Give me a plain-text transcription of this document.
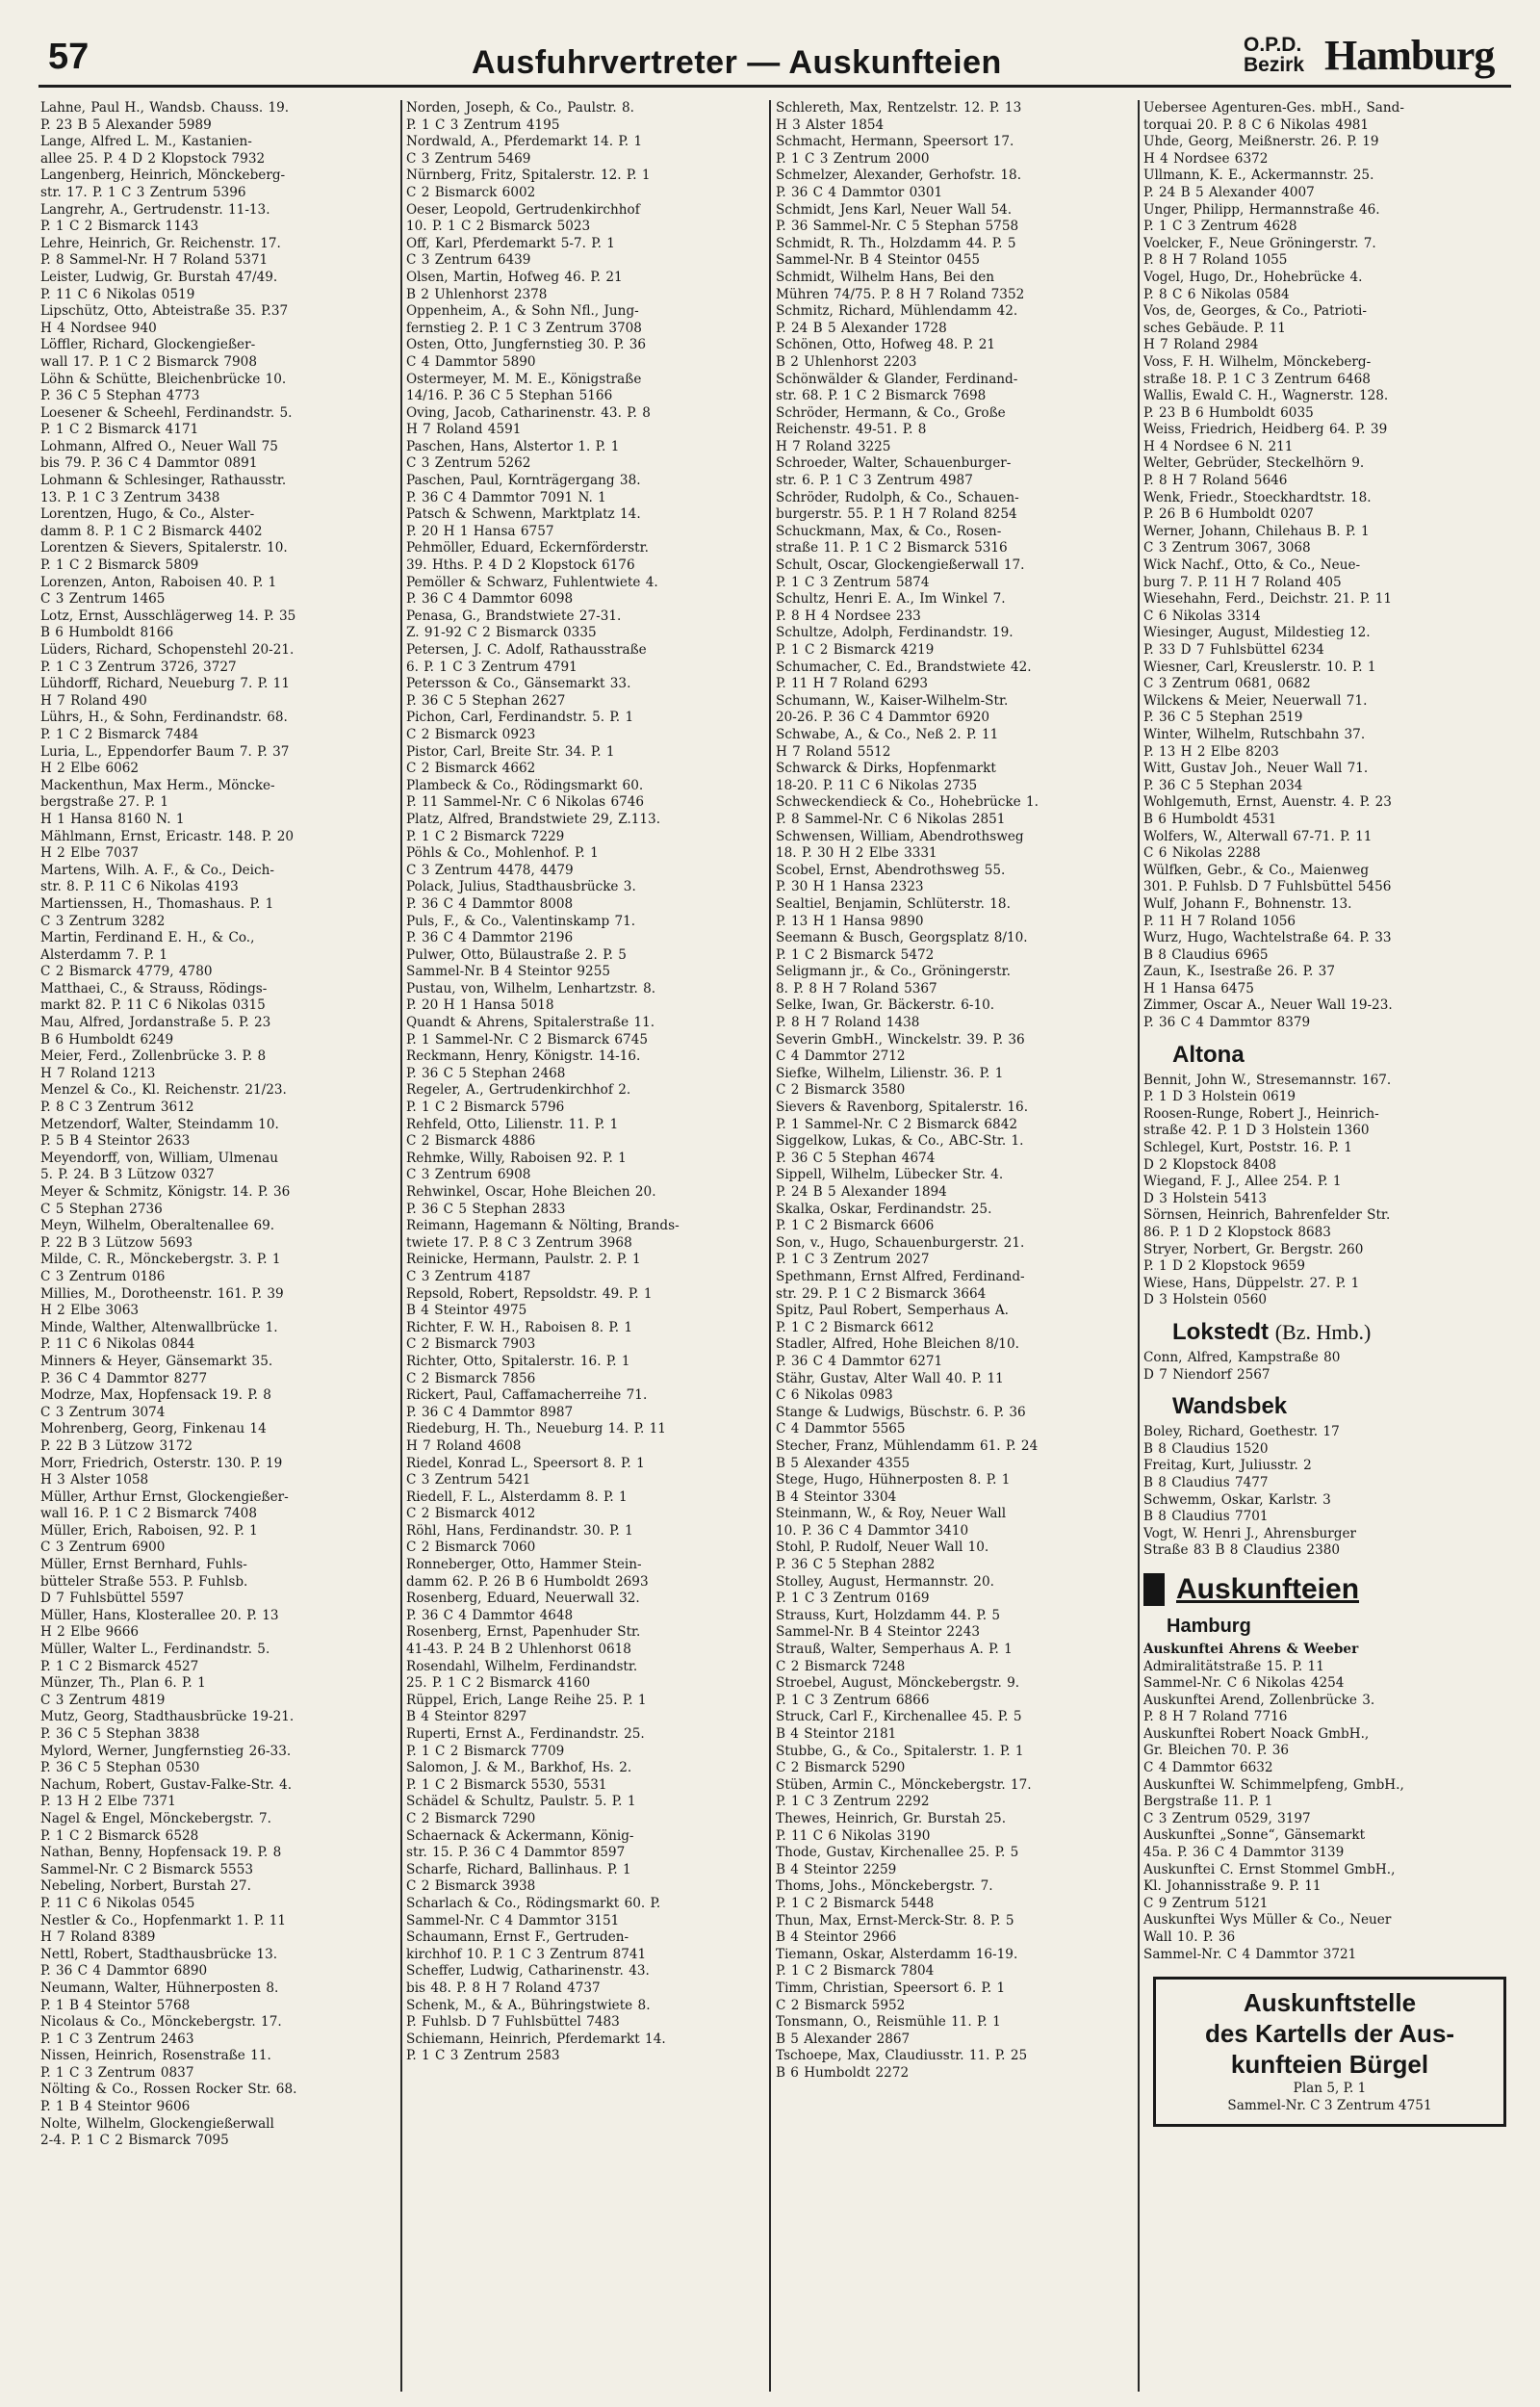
57	Ausfuhrvertreter — Auskunfteien	O.P.D.
Bezirk Hamburg
Lahne, Paul H., Wandsb. Chauss. 19.
P. 23 B 5 Alexander 5989
Lange, Alfred L. M., Kastanien-
allee 25. P. 4 D 2 Klopstock 7932
Langenberg, Heinrich, Mönckeberg-
str. 17. P. 1 C 3 Zentrum 5396
Langrehr, A., Gertrudenstr. 11-13.
P. 1 C 2 Bismarck 1143
Lehre, Heinrich, Gr. Reichenstr. 17.
P. 8 Sammel-Nr. H 7 Roland 5371
Leister, Ludwig, Gr. Burstah 47/49.
P. 11 C 6 Nikolas 0519
Lipschütz, Otto, Abteistraße 35. P.37
H 4 Nordsee 940
Löffler, Richard, Glockengießer-
wall 17. P. 1 C 2 Bismarck 7908
Löhn & Schütte, Bleichenbrücke 10.
P. 36 C 5 Stephan 4773
Loesener & Scheehl, Ferdinandstr. 5.
P. 1 C 2 Bismarck 4171
Lohmann, Alfred O., Neuer Wall 75
bis 79. P. 36 C 4 Dammtor 0891
Lohmann & Schlesinger, Rathausstr.
13. P. 1 C 3 Zentrum 3438
Lorentzen, Hugo, & Co., Alster-
damm 8. P. 1 C 2 Bismarck 4402
Lorentzen & Sievers, Spitalerstr. 10.
P. 1 C 2 Bismarck 5809
Lorenzen, Anton, Raboisen 40. P. 1
C 3 Zentrum 1465
Lotz, Ernst, Ausschlägerweg 14. P. 35
B 6 Humboldt 8166
Lüders, Richard, Schopenstehl 20-21.
P. 1 C 3 Zentrum 3726, 3727
Lühdorff, Richard, Neueburg 7. P. 11
H 7 Roland 490
Lührs, H., & Sohn, Ferdinandstr. 68.
P. 1 C 2 Bismarck 7484
Luria, L., Eppendorfer Baum 7. P. 37
H 2 Elbe 6062
Mackenthun, Max Herm., Möncke-
bergstraße 27. P. 1
H 1 Hansa 8160 N. 1
Mählmann, Ernst, Ericastr. 148. P. 20
H 2 Elbe 7037
Martens, Wilh. A. F., & Co., Deich-
str. 8. P. 11 C 6 Nikolas 4193
Martienssen, H., Thomashaus. P. 1
C 3 Zentrum 3282
Martin, Ferdinand E. H., & Co.,
Alsterdamm 7. P. 1
C 2 Bismarck 4779, 4780
Matthaei, C., & Strauss, Rödings-
markt 82. P. 11 C 6 Nikolas 0315
Mau, Alfred, Jordanstraße 5. P. 23
B 6 Humboldt 6249
Meier, Ferd., Zollenbrücke 3. P. 8
H 7 Roland 1213
Menzel & Co., Kl. Reichenstr. 21/23.
P. 8 C 3 Zentrum 3612
Metzendorf, Walter, Steindamm 10.
P. 5 B 4 Steintor 2633
Meyendorff, von, William, Ulmenau
5. P. 24. B 3 Lützow 0327
Meyer & Schmitz, Königstr. 14. P. 36
C 5 Stephan 2736
Meyn, Wilhelm, Oberaltenallee 69.
P. 22 B 3 Lützow 5693
Milde, C. R., Mönckebergstr. 3. P. 1
C 3 Zentrum 0186
Millies, M., Dorotheenstr. 161. P. 39
H 2 Elbe 3063
Minde, Walther, Altenwallbrücke 1.
P. 11 C 6 Nikolas 0844
Minners & Heyer, Gänsemarkt 35.
P. 36 C 4 Dammtor 8277
Modrze, Max, Hopfensack 19. P. 8
C 3 Zentrum 3074
Mohrenberg, Georg, Finkenau 14
P. 22 B 3 Lützow 3172
Morr, Friedrich, Osterstr. 130. P. 19
H 3 Alster 1058
Müller, Arthur Ernst, Glockengießer-
wall 16. P. 1 C 2 Bismarck 7408
Müller, Erich, Raboisen, 92. P. 1
C 3 Zentrum 6900
Müller, Ernst Bernhard, Fuhls-
bütteler Straße 553. P. Fuhlsb.
D 7 Fuhlsbüttel 5597
Müller, Hans, Klosterallee 20. P. 13
H 2 Elbe 9666
Müller, Walter L., Ferdinandstr. 5.
P. 1 C 2 Bismarck 4527
Münzer, Th., Plan 6. P. 1
C 3 Zentrum 4819
Mutz, Georg, Stadthausbrücke 19-21.
P. 36 C 5 Stephan 3838
Mylord, Werner, Jungfernstieg 26-33.
P. 36 C 5 Stephan 0530
Nachum, Robert, Gustav-Falke-Str. 4.
P. 13 H 2 Elbe 7371
Nagel & Engel, Mönckebergstr. 7.
P. 1 C 2 Bismarck 6528
Nathan, Benny, Hopfensack 19. P. 8
Sammel-Nr. C 2 Bismarck 5553
Nebeling, Norbert, Burstah 27.
P. 11 C 6 Nikolas 0545
Nestler & Co., Hopfenmarkt 1. P. 11
H 7 Roland 8389
Nettl, Robert, Stadthausbrücke 13.
P. 36 C 4 Dammtor 6890
Neumann, Walter, Hühnerposten 8.
P. 1 B 4 Steintor 5768
Nicolaus & Co., Mönckebergstr. 17.
P. 1 C 3 Zentrum 2463
Nissen, Heinrich, Rosenstraße 11.
P. 1 C 3 Zentrum 0837
Nölting & Co., Rossen Rocker Str. 68.
P. 1 B 4 Steintor 9606
Nolte, Wilhelm, Glockengießerwall
2-4. P. 1 C 2 Bismarck 7095
Norden, Joseph, & Co., Paulstr. 8.
P. 1 C 3 Zentrum 4195
Nordwald, A., Pferdemarkt 14. P. 1
C 3 Zentrum 5469
Nürnberg, Fritz, Spitalerstr. 12. P. 1
C 2 Bismarck 6002
Oeser, Leopold, Gertrudenkirchhof
10. P. 1 C 2 Bismarck 5023
Off, Karl, Pferdemarkt 5-7. P. 1
C 3 Zentrum 6439
Olsen, Martin, Hofweg 46. P. 21
B 2 Uhlenhorst 2378
Oppenheim, A., & Sohn Nfl., Jung-
fernstieg 2. P. 1 C 3 Zentrum 3708
Osten, Otto, Jungfernstieg 30. P. 36
C 4 Dammtor 5890
Ostermeyer, M. M. E., Königstraße
14/16. P. 36 C 5 Stephan 5166
Oving, Jacob, Catharinenstr. 43. P. 8
H 7 Roland 4591
Paschen, Hans, Alstertor 1. P. 1
C 3 Zentrum 5262
Paschen, Paul, Kornträgergang 38.
P. 36 C 4 Dammtor 7091 N. 1
Patsch & Schwenn, Marktplatz 14.
P. 20 H 1 Hansa 6757
Pehmöller, Eduard, Eckernförderstr.
39. Hths. P. 4 D 2 Klopstock 6176
Pemöller & Schwarz, Fuhlentwiete 4.
P. 36 C 4 Dammtor 6098
Penasa, G., Brandstwiete 27-31.
Z. 91-92 C 2 Bismarck 0335
Petersen, J. C. Adolf, Rathausstraße
6. P. 1 C 3 Zentrum 4791
Petersson & Co., Gänsemarkt 33.
P. 36 C 5 Stephan 2627
Pichon, Carl, Ferdinandstr. 5. P. 1
C 2 Bismarck 0923
Pistor, Carl, Breite Str. 34. P. 1
C 2 Bismarck 4662
Plambeck & Co., Rödingsmarkt 60.
P. 11 Sammel-Nr. C 6 Nikolas 6746
Platz, Alfred, Brandstwiete 29, Z.113.
P. 1 C 2 Bismarck 7229
Pöhls & Co., Mohlenhof. P. 1
C 3 Zentrum 4478, 4479
Polack, Julius, Stadthausbrücke 3.
P. 36 C 4 Dammtor 8008
Puls, F., & Co., Valentinskamp 71.
P. 36 C 4 Dammtor 2196
Pulwer, Otto, Bülaustraße 2. P. 5
Sammel-Nr. B 4 Steintor 9255
Pustau, von, Wilhelm, Lenhartzstr. 8.
P. 20 H 1 Hansa 5018
Quandt & Ahrens, Spitalerstraße 11.
P. 1 Sammel-Nr. C 2 Bismarck 6745
Reckmann, Henry, Königstr. 14-16.
P. 36 C 5 Stephan 2468
Regeler, A., Gertrudenkirchhof 2.
P. 1 C 2 Bismarck 5796
Rehfeld, Otto, Lilienstr. 11. P. 1
C 2 Bismarck 4886
Rehmke, Willy, Raboisen 92. P. 1
C 3 Zentrum 6908
Rehwinkel, Oscar, Hohe Bleichen 20.
P. 36 C 5 Stephan 2833
Reimann, Hagemann & Nölting, Brands-
twiete 17. P. 8 C 3 Zentrum 3968
Reinicke, Hermann, Paulstr. 2. P. 1
C 3 Zentrum 4187
Repsold, Robert, Repsoldstr. 49. P. 1
B 4 Steintor 4975
Richter, F. W. H., Raboisen 8. P. 1
C 2 Bismarck 7903
Richter, Otto, Spitalerstr. 16. P. 1
C 2 Bismarck 7856
Rickert, Paul, Caffamacherreihe 71.
P. 36 C 4 Dammtor 8987
Riedeburg, H. Th., Neueburg 14. P. 11
H 7 Roland 4608
Riedel, Konrad L., Speersort 8. P. 1
C 3 Zentrum 5421
Riedell, F. L., Alsterdamm 8. P. 1
C 2 Bismarck 4012
Röhl, Hans, Ferdinandstr. 30. P. 1
C 2 Bismarck 7060
Ronneberger, Otto, Hammer Stein-
damm 62. P. 26 B 6 Humboldt 2693
Rosenberg, Eduard, Neuerwall 32.
P. 36 C 4 Dammtor 4648
Rosenberg, Ernst, Papenhuder Str.
41-43. P. 24 B 2 Uhlenhorst 0618
Rosendahl, Wilhelm, Ferdinandstr.
25. P. 1 C 2 Bismarck 4160
Rüppel, Erich, Lange Reihe 25. P. 1
B 4 Steintor 8297
Ruperti, Ernst A., Ferdinandstr. 25.
P. 1 C 2 Bismarck 7709
Salomon, J. & M., Barkhof, Hs. 2.
P. 1 C 2 Bismarck 5530, 5531
Schädel & Schultz, Paulstr. 5. P. 1
C 2 Bismarck 7290
Schaernack & Ackermann, König-
str. 15. P. 36 C 4 Dammtor 8597
Scharfe, Richard, Ballinhaus. P. 1
C 2 Bismarck 3938
Scharlach & Co., Rödingsmarkt 60. P.
Sammel-Nr. C 4 Dammtor 3151
Schaumann, Ernst F., Gertruden-
kirchhof 10. P. 1 C 3 Zentrum 8741
Scheffer, Ludwig, Catharinenstr. 43.
bis 48. P. 8 H 7 Roland 4737
Schenk, M., & A., Bühringstwiete 8.
P. Fuhlsb. D 7 Fuhlsbüttel 7483
Schiemann, Heinrich, Pferdemarkt 14.
P. 1 C 3 Zentrum 2583
Schlereth, Max, Rentzelstr. 12. P. 13
H 3 Alster 1854
Schmacht, Hermann, Speersort 17.
P. 1 C 3 Zentrum 2000
Schmelzer, Alexander, Gerhofstr. 18.
P. 36 C 4 Dammtor 0301
Schmidt, Jens Karl, Neuer Wall 54.
P. 36 Sammel-Nr. C 5 Stephan 5758
Schmidt, R. Th., Holzdamm 44. P. 5
Sammel-Nr. B 4 Steintor 0455
Schmidt, Wilhelm Hans, Bei den
Mühren 74/75. P. 8 H 7 Roland 7352
Schmitz, Richard, Mühlendamm 42.
P. 24 B 5 Alexander 1728
Schönen, Otto, Hofweg 48. P. 21
B 2 Uhlenhorst 2203
Schönwälder & Glander, Ferdinand-
str. 68. P. 1 C 2 Bismarck 7698
Schröder, Hermann, & Co., Große
Reichenstr. 49-51. P. 8
H 7 Roland 3225
Schroeder, Walter, Schauenburger-
str. 6. P. 1 C 3 Zentrum 4987
Schröder, Rudolph, & Co., Schauen-
burgerstr. 55. P. 1 H 7 Roland 8254
Schuckmann, Max, & Co., Rosen-
straße 11. P. 1 C 2 Bismarck 5316
Schult, Oscar, Glockengießerwall 17.
P. 1 C 3 Zentrum 5874
Schultz, Henri E. A., Im Winkel 7.
P. 8 H 4 Nordsee 233
Schultze, Adolph, Ferdinandstr. 19.
P. 1 C 2 Bismarck 4219
Schumacher, C. Ed., Brandstwiete 42.
P. 11 H 7 Roland 6293
Schumann, W., Kaiser-Wilhelm-Str.
20-26. P. 36 C 4 Dammtor 6920
Schwabe, A., & Co., Neß 2. P. 11
H 7 Roland 5512
Schwarck & Dirks, Hopfenmarkt
18-20. P. 11 C 6 Nikolas 2735
Schweckendieck & Co., Hohebrücke 1.
P. 8 Sammel-Nr. C 6 Nikolas 2851
Schwensen, William, Abendrothsweg
18. P. 30 H 2 Elbe 3331
Scobel, Ernst, Abendrothsweg 55.
P. 30 H 1 Hansa 2323
Sealtiel, Benjamin, Schlüterstr. 18.
P. 13 H 1 Hansa 9890
Seemann & Busch, Georgsplatz 8/10.
P. 1 C 2 Bismarck 5472
Seligmann jr., & Co., Gröningerstr.
8. P. 8 H 7 Roland 5367
Selke, Iwan, Gr. Bäckerstr. 6-10.
P. 8 H 7 Roland 1438
Severin GmbH., Winckelstr. 39. P. 36
C 4 Dammtor 2712
Siefke, Wilhelm, Lilienstr. 36. P. 1
C 2 Bismarck 3580
Sievers & Ravenborg, Spitalerstr. 16.
P. 1 Sammel-Nr. C 2 Bismarck 6842
Siggelkow, Lukas, & Co., ABC-Str. 1.
P. 36 C 5 Stephan 4674
Sippell, Wilhelm, Lübecker Str. 4.
P. 24 B 5 Alexander 1894
Skalka, Oskar, Ferdinandstr. 25.
P. 1 C 2 Bismarck 6606
Son, v., Hugo, Schauenburgerstr. 21.
P. 1 C 3 Zentrum 2027
Spethmann, Ernst Alfred, Ferdinand-
str. 29. P. 1 C 2 Bismarck 3664
Spitz, Paul Robert, Semperhaus A.
P. 1 C 2 Bismarck 6612
Stadler, Alfred, Hohe Bleichen 8/10.
P. 36 C 4 Dammtor 6271
Stähr, Gustav, Alter Wall 40. P. 11
C 6 Nikolas 0983
Stange & Ludwigs, Büschstr. 6. P. 36
C 4 Dammtor 5565
Stecher, Franz, Mühlendamm 61. P. 24
B 5 Alexander 4355
Stege, Hugo, Hühnerposten 8. P. 1
B 4 Steintor 3304
Steinmann, W., & Roy, Neuer Wall
10. P. 36 C 4 Dammtor 3410
Stohl, P. Rudolf, Neuer Wall 10.
P. 36 C 5 Stephan 2882
Stolley, August, Hermannstr. 20.
P. 1 C 3 Zentrum 0169
Strauss, Kurt, Holzdamm 44. P. 5
Sammel-Nr. B 4 Steintor 2243
Strauß, Walter, Semperhaus A. P. 1
C 2 Bismarck 7248
Stroebel, August, Mönckebergstr. 9.
P. 1 C 3 Zentrum 6866
Struck, Carl F., Kirchenallee 45. P. 5
B 4 Steintor 2181
Stubbe, G., & Co., Spitalerstr. 1. P. 1
C 2 Bismarck 5290
Stüben, Armin C., Mönckebergstr. 17.
P. 1 C 3 Zentrum 2292
Thewes, Heinrich, Gr. Burstah 25.
P. 11 C 6 Nikolas 3190
Thode, Gustav, Kirchenallee 25. P. 5
B 4 Steintor 2259
Thoms, Johs., Mönckebergstr. 7.
P. 1 C 2 Bismarck 5448
Thun, Max, Ernst-Merck-Str. 8. P. 5
B 4 Steintor 2966
Tiemann, Oskar, Alsterdamm 16-19.
P. 1 C 2 Bismarck 7804
Timm, Christian, Speersort 6. P. 1
C 2 Bismarck 5952
Tonsmann, O., Reismühle 11. P. 1
B 5 Alexander 2867
Tschoepe, Max, Claudiusstr. 11. P. 25
B 6 Humboldt 2272
Uebersee Agenturen-Ges. mbH., Sand-
torquai 20. P. 8 C 6 Nikolas 4981
Uhde, Georg, Meißnerstr. 26. P. 19
H 4 Nordsee 6372
Ullmann, K. E., Ackermannstr. 25.
P. 24 B 5 Alexander 4007
Unger, Philipp, Hermannstraße 46.
P. 1 C 3 Zentrum 4628
Voelcker, F., Neue Gröningerstr. 7.
P. 8 H 7 Roland 1055
Vogel, Hugo, Dr., Hohebrücke 4.
P. 8 C 6 Nikolas 0584
Vos, de, Georges, & Co., Patrioti-
sches Gebäude. P. 11
H 7 Roland 2984
Voss, F. H. Wilhelm, Mönckeberg-
straße 18. P. 1 C 3 Zentrum 6468
Wallis, Ewald C. H., Wagnerstr. 128.
P. 23 B 6 Humboldt 6035
Weiss, Friedrich, Heidberg 64. P. 39
H 4 Nordsee 6 N. 211
Welter, Gebrüder, Steckelhörn 9.
P. 8 H 7 Roland 5646
Wenk, Friedr., Stoeckhardtstr. 18.
P. 26 B 6 Humboldt 0207
Werner, Johann, Chilehaus B. P. 1
C 3 Zentrum 3067, 3068
Wick Nachf., Otto, & Co., Neue-
burg 7. P. 11 H 7 Roland 405
Wiesehahn, Ferd., Deichstr. 21. P. 11
C 6 Nikolas 3314
Wiesinger, August, Mildestieg 12.
P. 33 D 7 Fuhlsbüttel 6234
Wiesner, Carl, Kreuslerstr. 10. P. 1
C 3 Zentrum 0681, 0682
Wilckens & Meier, Neuerwall 71.
P. 36 C 5 Stephan 2519
Winter, Wilhelm, Rutschbahn 37.
P. 13 H 2 Elbe 8203
Witt, Gustav Joh., Neuer Wall 71.
P. 36 C 5 Stephan 2034
Wohlgemuth, Ernst, Auenstr. 4. P. 23
B 6 Humboldt 4531
Wolfers, W., Alterwall 67-71. P. 11
C 6 Nikolas 2288
Wülfken, Gebr., & Co., Maienweg
301. P. Fuhlsb. D 7 Fuhlsbüttel 5456
Wulf, Johann F., Bohnenstr. 13.
P. 11 H 7 Roland 1056
Wurz, Hugo, Wachtelstraße 64. P. 33
B 8 Claudius 6965
Zaun, K., Isestraße 26. P. 37
H 1 Hansa 6475
Zimmer, Oscar A., Neuer Wall 19-23.
P. 36 C 4 Dammtor 8379
Altona
Bennit, John W., Stresemannstr. 167.
P. 1 D 3 Holstein 0619
Roosen-Runge, Robert J., Heinrich-
straße 42. P. 1 D 3 Holstein 1360
Schlegel, Kurt, Poststr. 16. P. 1
D 2 Klopstock 8408
Wiegand, F. J., Allee 254. P. 1
D 3 Holstein 5413
Sörnsen, Heinrich, Bahrenfelder Str.
86. P. 1 D 2 Klopstock 8683
Stryer, Norbert, Gr. Bergstr. 260
P. 1 D 2 Klopstock 9659
Wiese, Hans, Düppelstr. 27. P. 1
D 3 Holstein 0560
Lokstedt (Bz. Hmb.)
Conn, Alfred, Kampstraße 80
D 7 Niendorf 2567
Wandsbek
Boley, Richard, Goethestr. 17
B 8 Claudius 1520
Freitag, Kurt, Juliusstr. 2
B 8 Claudius 7477
Schwemm, Oskar, Karlstr. 3
B 8 Claudius 7701
Vogt, W. Henri J., Ahrensburger
Straße 83 B 8 Claudius 2380
Auskunfteien
Hamburg
Auskunftei Ahrens & Weeber
Admiralitätstraße 15. P. 11
Sammel-Nr. C 6 Nikolas 4254
Auskunftei Arend, Zollenbrücke 3.
P. 8 H 7 Roland 7716
Auskunftei Robert Noack GmbH.,
Gr. Bleichen 70. P. 36
C 4 Dammtor 6632
Auskunftei W. Schimmelpfeng, GmbH.,
Bergstraße 11. P. 1
C 3 Zentrum 0529, 3197
Auskunftei „Sonne“, Gänsemarkt
45a. P. 36 C 4 Dammtor 3139
Auskunftei C. Ernst Stommel GmbH.,
Kl. Johannisstraße 9. P. 11
C 9 Zentrum 5121
Auskunftei Wys Müller & Co., Neuer
Wall 10. P. 36
Sammel-Nr. C 4 Dammtor 3721
Auskunftstelle
des Kartells der Aus-
kunfteien Bürgel
Plan 5, P. 1
Sammel-Nr. C 3 Zentrum 4751
